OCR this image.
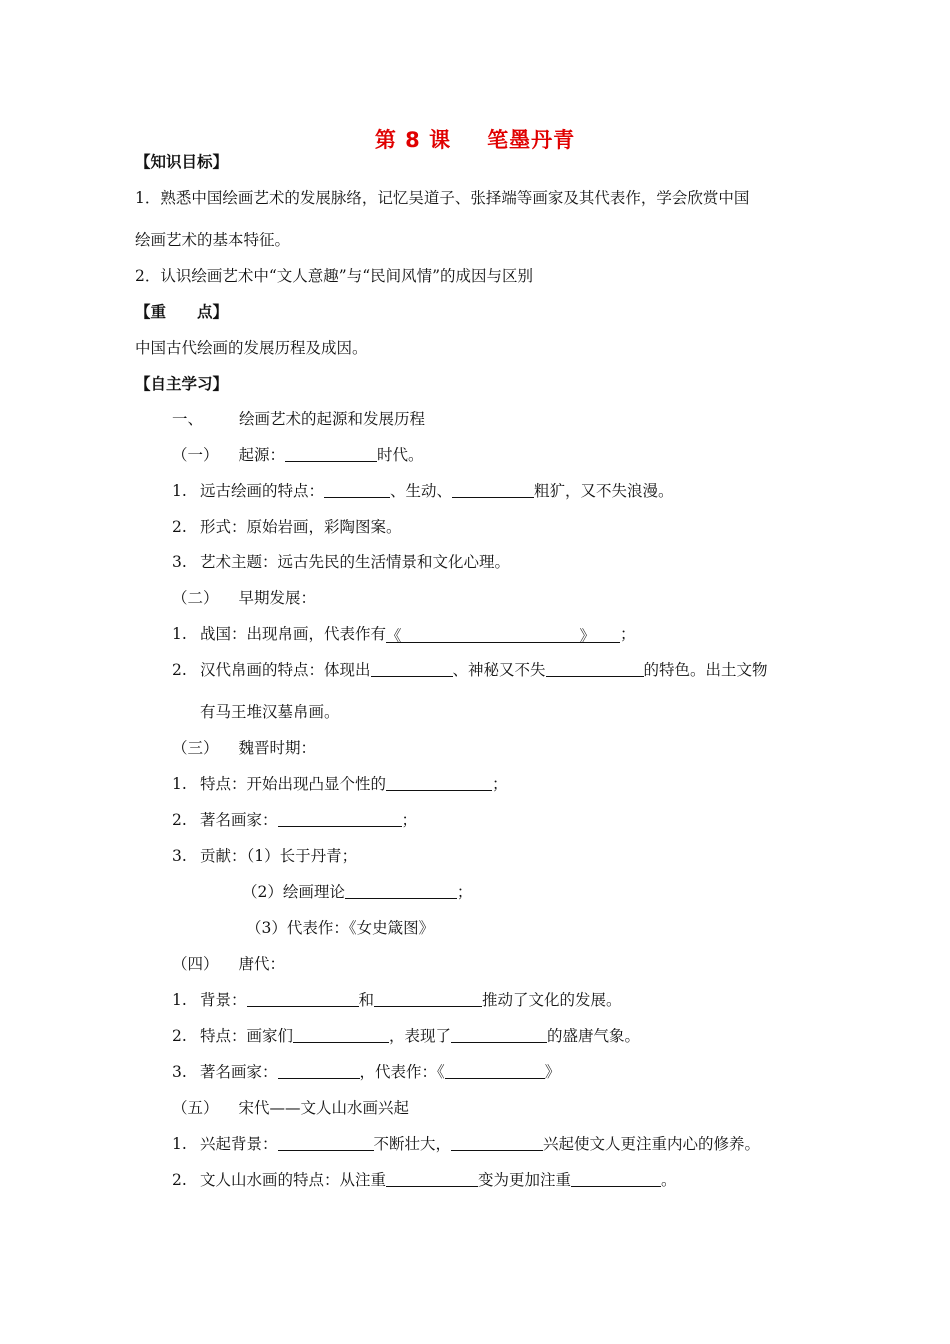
第 8 课 笔墨丹青
【知识目标】
1．熟悉中国绘画艺术的发展脉络，记忆吴道子、张择端等画家及其代表作，学会欣赏中国
绘画艺术的基本特征。
2．认识绘画艺术中“文人意趣”与“民间风情”的成因与区别
【重　　点】
中国古代绘画的发展历程及成因。
【自主学习】
一、 绘画艺术的起源和发展历程
（一） 起源：	时代。
1. 远古绘画的特点：	、生动、	粗犷，又不失浪漫。
2. 形式：原始岩画，彩陶图案。
3. 艺术主题：远古先民的生活情景和文化心理。
（二） 早期发展：
1. 战国：出现帛画，代表作有《	》 ；
2. 汉代帛画的特点：体现出	、神秘又不失	的特色。出土文物
有马王堆汉墓帛画。
（三） 魏晋时期：
1. 特点：开始出现凸显个性的	；
2. 著名画家：	；
3. 贡献：（1）长于丹青；
（2）绘画理论	；
（3）代表作：《女史箴图》
（四） 唐代：
1. 背景：	和	推动了文化的发展。
2. 特点：画家们	，表现了	的盛唐气象。
3. 著名画家：	，代表作：《	》
（五） 宋代——文人山水画兴起
1. 兴起背景：	不断壮大，	兴起使文人更注重内心的修养。
2. 文人山水画的特点：从注重	变为更加注重	。
